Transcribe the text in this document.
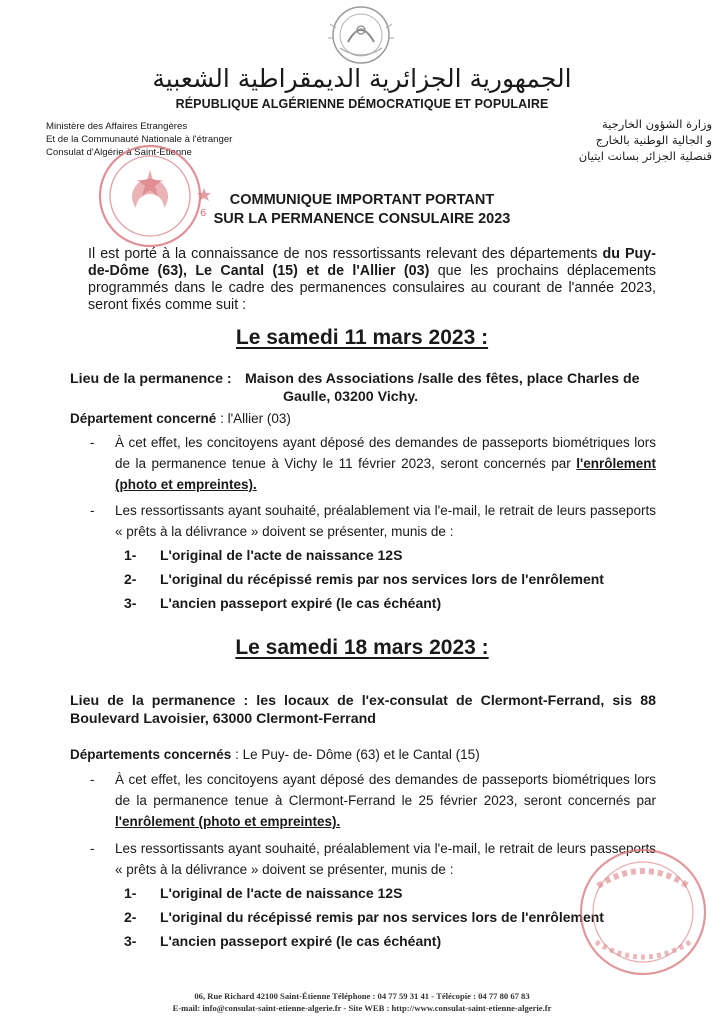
الجمهورية الجزائرية الديمقراطية الشعبية
RÉPUBLIQUE ALGÉRIENNE DÉMOCRATIQUE ET POPULAIRE
Ministère des Affaires Etrangères
Et de la Communauté Nationale à l'étranger
Consulat d'Algérie à Saint-Etienne
وزارة الشؤون الخارجية
و الجالية الوطنية بالخارج
قنصلية الجزائر بسانت ايتيان
6
COMMUNIQUE IMPORTANT PORTANT
SUR LA PERMANENCE CONSULAIRE 2023
Il est porté à la connaissance de nos ressortissants relevant des départements du Puy-de-Dôme (63), Le Cantal (15) et de l'Allier (03) que les prochains déplacements programmés dans le cadre des permanences consulaires au courant de l'année 2023, seront fixés comme suit :
Le samedi 11 mars 2023 :
Lieu de la permanence : Maison des Associations /salle des fêtes, place Charles de
Gaulle, 03200 Vichy.
Département concerné : l'Allier (03)
- À cet effet, les concitoyens ayant déposé des demandes de passeports biométriques lors de la permanence tenue à Vichy le 11 février 2023, seront concernés par l'enrôlement (photo et empreintes).
- Les ressortissants ayant souhaité, préalablement via l'e-mail, le retrait de leurs passeports « prêts à la délivrance » doivent se présenter, munis de :
1- L'original de l'acte de naissance 12S
2- L'original du récépissé remis par nos services lors de l'enrôlement
3- L'ancien passeport expiré (le cas échéant)
Le samedi 18 mars 2023 :
Lieu de la permanence : les locaux de l'ex-consulat de Clermont-Ferrand, sis 88
Boulevard Lavoisier, 63000 Clermont-Ferrand
Départements concernés : Le Puy- de- Dôme (63) et le Cantal (15)
- À cet effet, les concitoyens ayant déposé des demandes de passeports biométriques lors de la permanence tenue à Clermont-Ferrand le 25 février 2023, seront concernés par l'enrôlement (photo et empreintes).
- Les ressortissants ayant souhaité, préalablement via l'e-mail, le retrait de leurs passeports « prêts à la délivrance » doivent se présenter, munis de :
1- L'original de l'acte de naissance 12S
2- L'original du récépissé remis par nos services lors de l'enrôlement
3- L'ancien passeport expiré (le cas échéant)
06, Rue Richard 42100 Saint-Étienne Téléphone : 04 77 59 31 41 - Télécopie : 04 77 80 67 83
E-mail: info@consulat-saint-etienne-algerie.fr - Site WEB : http://www.consulat-saint-etienne-algerie.fr
